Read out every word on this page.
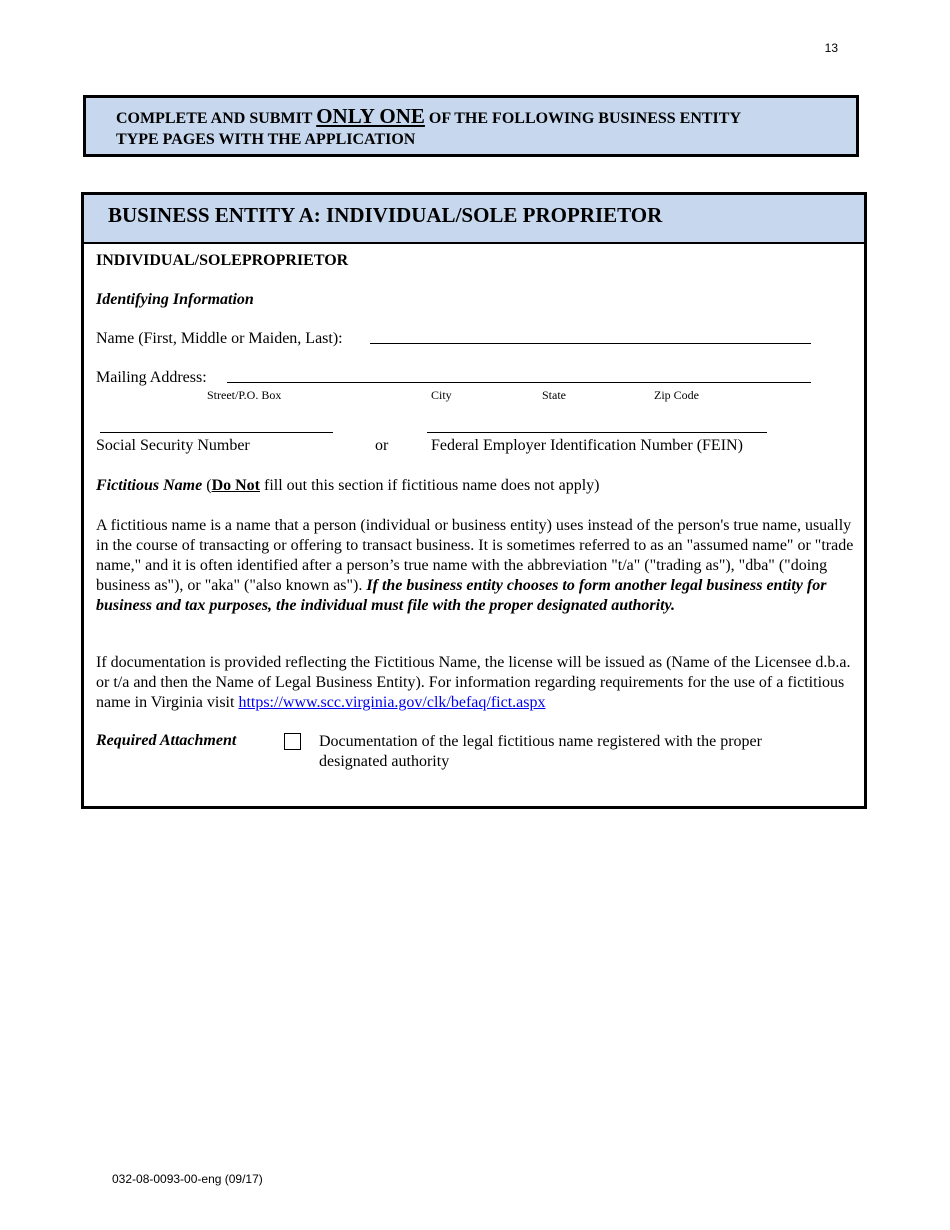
13
COMPLETE AND SUBMIT ONLY ONE OF THE FOLLOWING BUSINESS ENTITY
TYPE PAGES WITH THE APPLICATION
BUSINESS ENTITY A: INDIVIDUAL/SOLE PROPRIETOR
INDIVIDUAL/SOLEPROPRIETOR
Identifying Information
Name (First, Middle or Maiden, Last):
Mailing Address:
Street/P.O. Box	City	State	Zip Code
Social Security Number	or	Federal Employer Identification Number (FEIN)
Fictitious Name (Do Not fill out this section if fictitious name does not apply)
A fictitious name is a name that a person (individual or business entity) uses instead of the person's true name, usually in the course of transacting or offering to transact business. It is sometimes referred to as an "assumed name" or "trade name," and it is often identified after a person’s true name with the abbreviation "t/a" ("trading as"), "dba" ("doing business as"), or "aka" ("also known as"). If the business entity chooses to form another legal business entity for business and tax purposes, the individual must file with the proper designated authority.
If documentation is provided reflecting the Fictitious Name, the license will be issued as (Name of the Licensee d.b.a. or t/a and then the Name of Legal Business Entity). For information regarding requirements for the use of a fictitious name in Virginia visit https://www.scc.virginia.gov/clk/befaq/fict.aspx
Required Attachment	Documentation of the legal fictitious name registered with the proper
designated authority
032-08-0093-00-eng (09/17)
